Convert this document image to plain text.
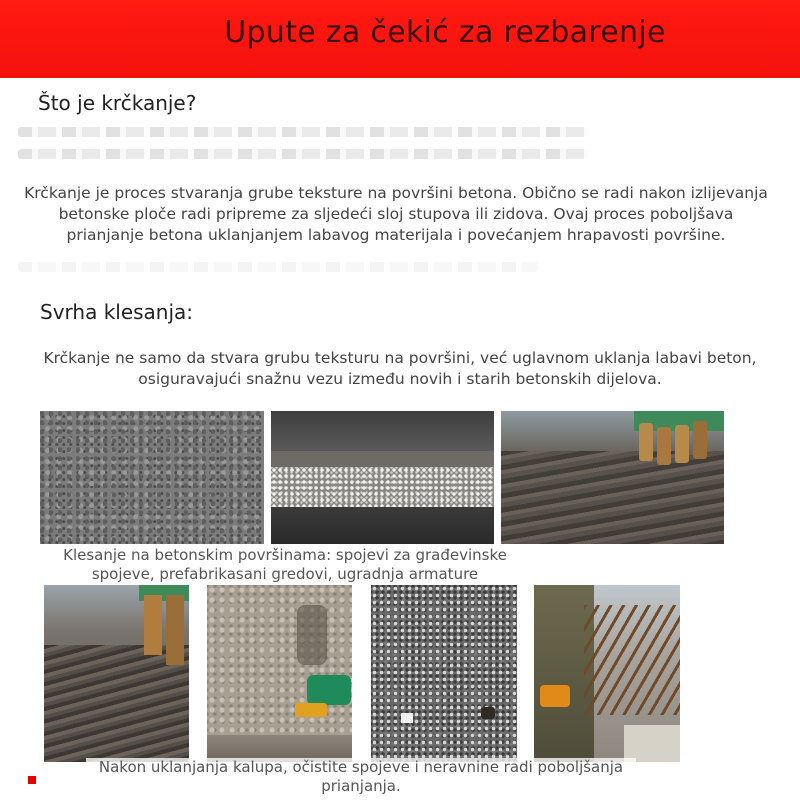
Upute za čekić za rezbarenje
Što je krčkanje?
Krčkanje je proces stvaranja grube teksture na površini betona. Obično se radi nakon izlijevanja
betonske ploče radi pripreme za sljedeći sloj stupova ili zidova. Ovaj proces poboljšava
prianjanje betona uklanjanjem labavog materijala i povećanjem hrapavosti površine.
Svrha klesanja:
Krčkanje ne samo da stvara grubu teksturu na površini, već uglavnom uklanja labavi beton,
osiguravajući snažnu vezu između novih i starih betonskih dijelova.
Klesanje na betonskim površinama: spojevi za građevinske
spojeve, prefabrikasani gredovi, ugradnja armature
Nakon uklanjanja kalupa, očistite spojeve i neravnine radi poboljšanja
prianjanja.
